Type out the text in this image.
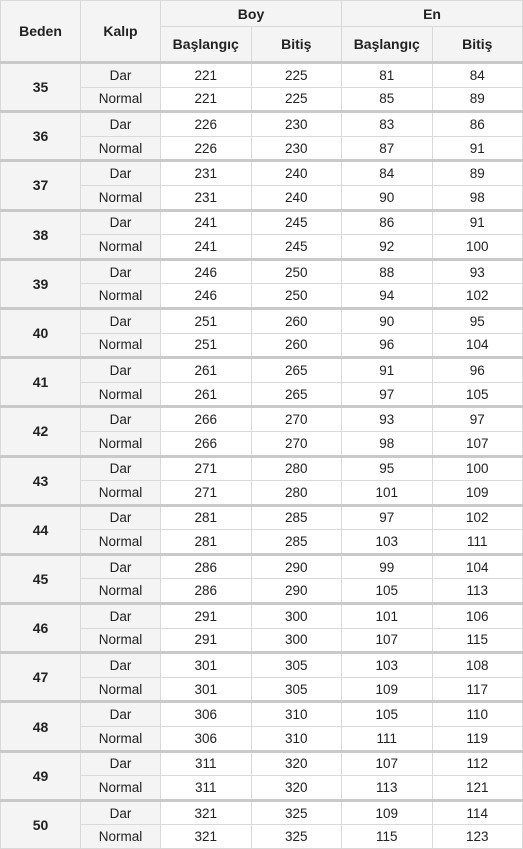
Beden	Kalıp	Boy		En	
		Başlangıç	Bitiş	Başlangıç	Bitiş
35	Dar	221	225	81	84
	Normal	221	225	85	89
36	Dar	226	230	83	86
	Normal	226	230	87	91
37	Dar	231	240	84	89
	Normal	231	240	90	98
38	Dar	241	245	86	91
	Normal	241	245	92	100
39	Dar	246	250	88	93
	Normal	246	250	94	102
40	Dar	251	260	90	95
	Normal	251	260	96	104
41	Dar	261	265	91	96
	Normal	261	265	97	105
42	Dar	266	270	93	97
	Normal	266	270	98	107
43	Dar	271	280	95	100
	Normal	271	280	101	109
44	Dar	281	285	97	102
	Normal	281	285	103	111
45	Dar	286	290	99	104
	Normal	286	290	105	113
46	Dar	291	300	101	106
	Normal	291	300	107	115
47	Dar	301	305	103	108
	Normal	301	305	109	117
48	Dar	306	310	105	110
	Normal	306	310	111	119
49	Dar	311	320	107	112
	Normal	311	320	113	121
50	Dar	321	325	109	114
	Normal	321	325	115	123
